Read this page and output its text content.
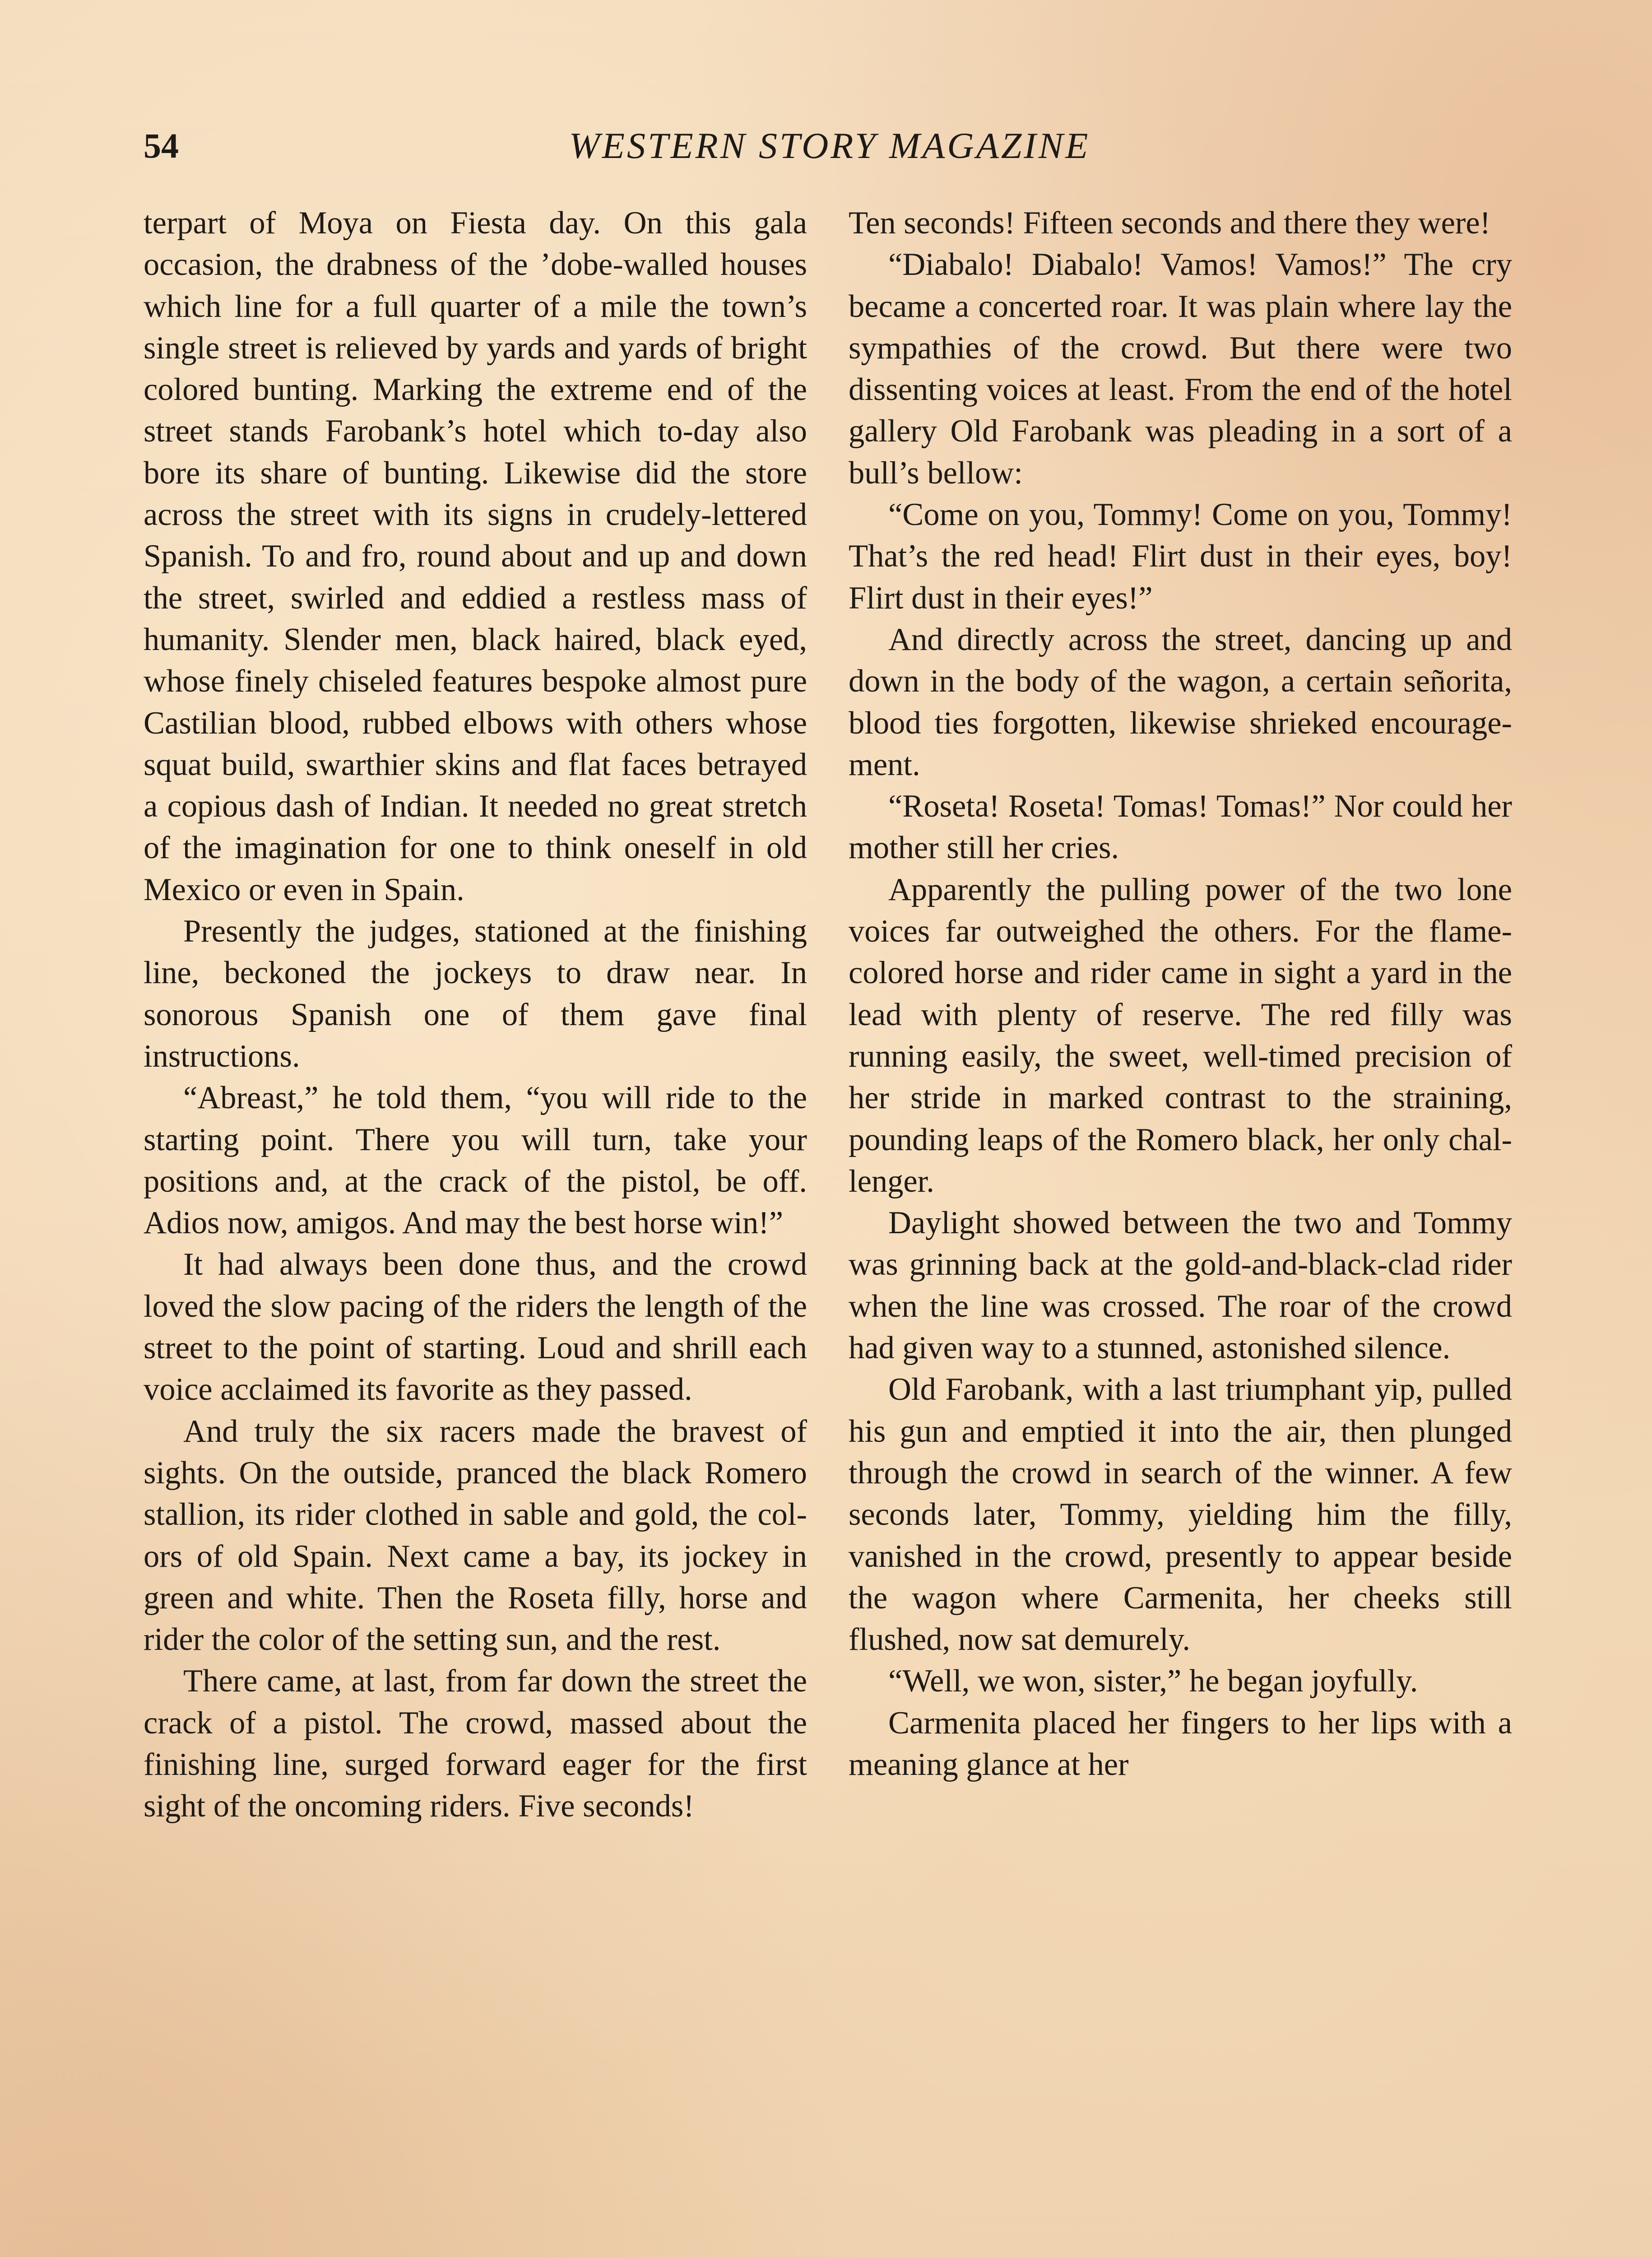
54	WESTERN STORY MAGAZINE

terpart of Moya on Fiesta day. On this gala occasion, the drabness of the ’dobe-walled houses which line for a full quarter of a mile the town’s single street is relieved by yards and yards of bright colored bunting. Marking the extreme end of the street stands Farobank’s hotel which to-day also bore its share of bunting. Likewise did the store across the street with its signs in crudely-lettered Spanish. To and fro, round about and up and down the street, swirled and eddied a restless mass of humanity. Slender men, black haired, black eyed, whose finely chiseled features bespoke almost pure Castilian blood, rubbed elbows with others whose squat build, swarthier skins and flat faces betrayed a copious dash of Indian. It needed no great stretch of the imagination for one to think oneself in old Mexico or even in Spain.

Presently the judges, stationed at the finishing line, beckoned the jockeys to draw near. In sonorous Spanish one of them gave final instructions.

“Abreast,” he told them, “you will ride to the starting point. There you will turn, take your positions and, at the crack of the pistol, be off. Adios now, amigos. And may the best horse win!”

It had always been done thus, and the crowd loved the slow pacing of the riders the length of the street to the point of starting. Loud and shrill each voice acclaimed its favorite as they passed.

And truly the six racers made the bravest of sights. On the outside, pranced the black Romero stallion, its rider clothed in sable and gold, the colors of old Spain. Next came a bay, its jockey in green and white. Then the Roseta filly, horse and rider the color of the setting sun, and the rest.

There came, at last, from far down the street the crack of a pistol. The crowd, massed about the finishing line, surged forward eager for the first sight of the oncoming riders. Five seconds!

Ten seconds! Fifteen seconds and there they were!

“Diabalo! Diabalo! Vamos! Vamos!” The cry became a concerted roar. It was plain where lay the sympathies of the crowd. But there were two dissenting voices at least. From the end of the hotel gallery Old Farobank was pleading in a sort of a bull’s bellow:

“Come on you, Tommy! Come on you, Tommy! That’s the red head! Flirt dust in their eyes, boy! Flirt dust in their eyes!”

And directly across the street, dancing up and down in the body of the wagon, a certain señorita, blood ties forgotten, likewise shrieked encouragement.

“Roseta! Roseta! Tomas! Tomas!” Nor could her mother still her cries.

Apparently the pulling power of the two lone voices far outweighed the others. For the flame-colored horse and rider came in sight a yard in the lead with plenty of reserve. The red filly was running easily, the sweet, well-timed precision of her stride in marked contrast to the straining, pounding leaps of the Romero black, her only challenger.

Daylight showed between the two and Tommy was grinning back at the gold-and-black-clad rider when the line was crossed. The roar of the crowd had given way to a stunned, astonished silence.

Old Farobank, with a last triumphant yip, pulled his gun and emptied it into the air, then plunged through the crowd in search of the winner. A few seconds later, Tommy, yielding him the filly, vanished in the crowd, presently to appear beside the wagon where Carmenita, her cheeks still flushed, now sat demurely.

“Well, we won, sister,” he began joyfully.

Carmenita placed her fingers to her lips with a meaning glance at her
